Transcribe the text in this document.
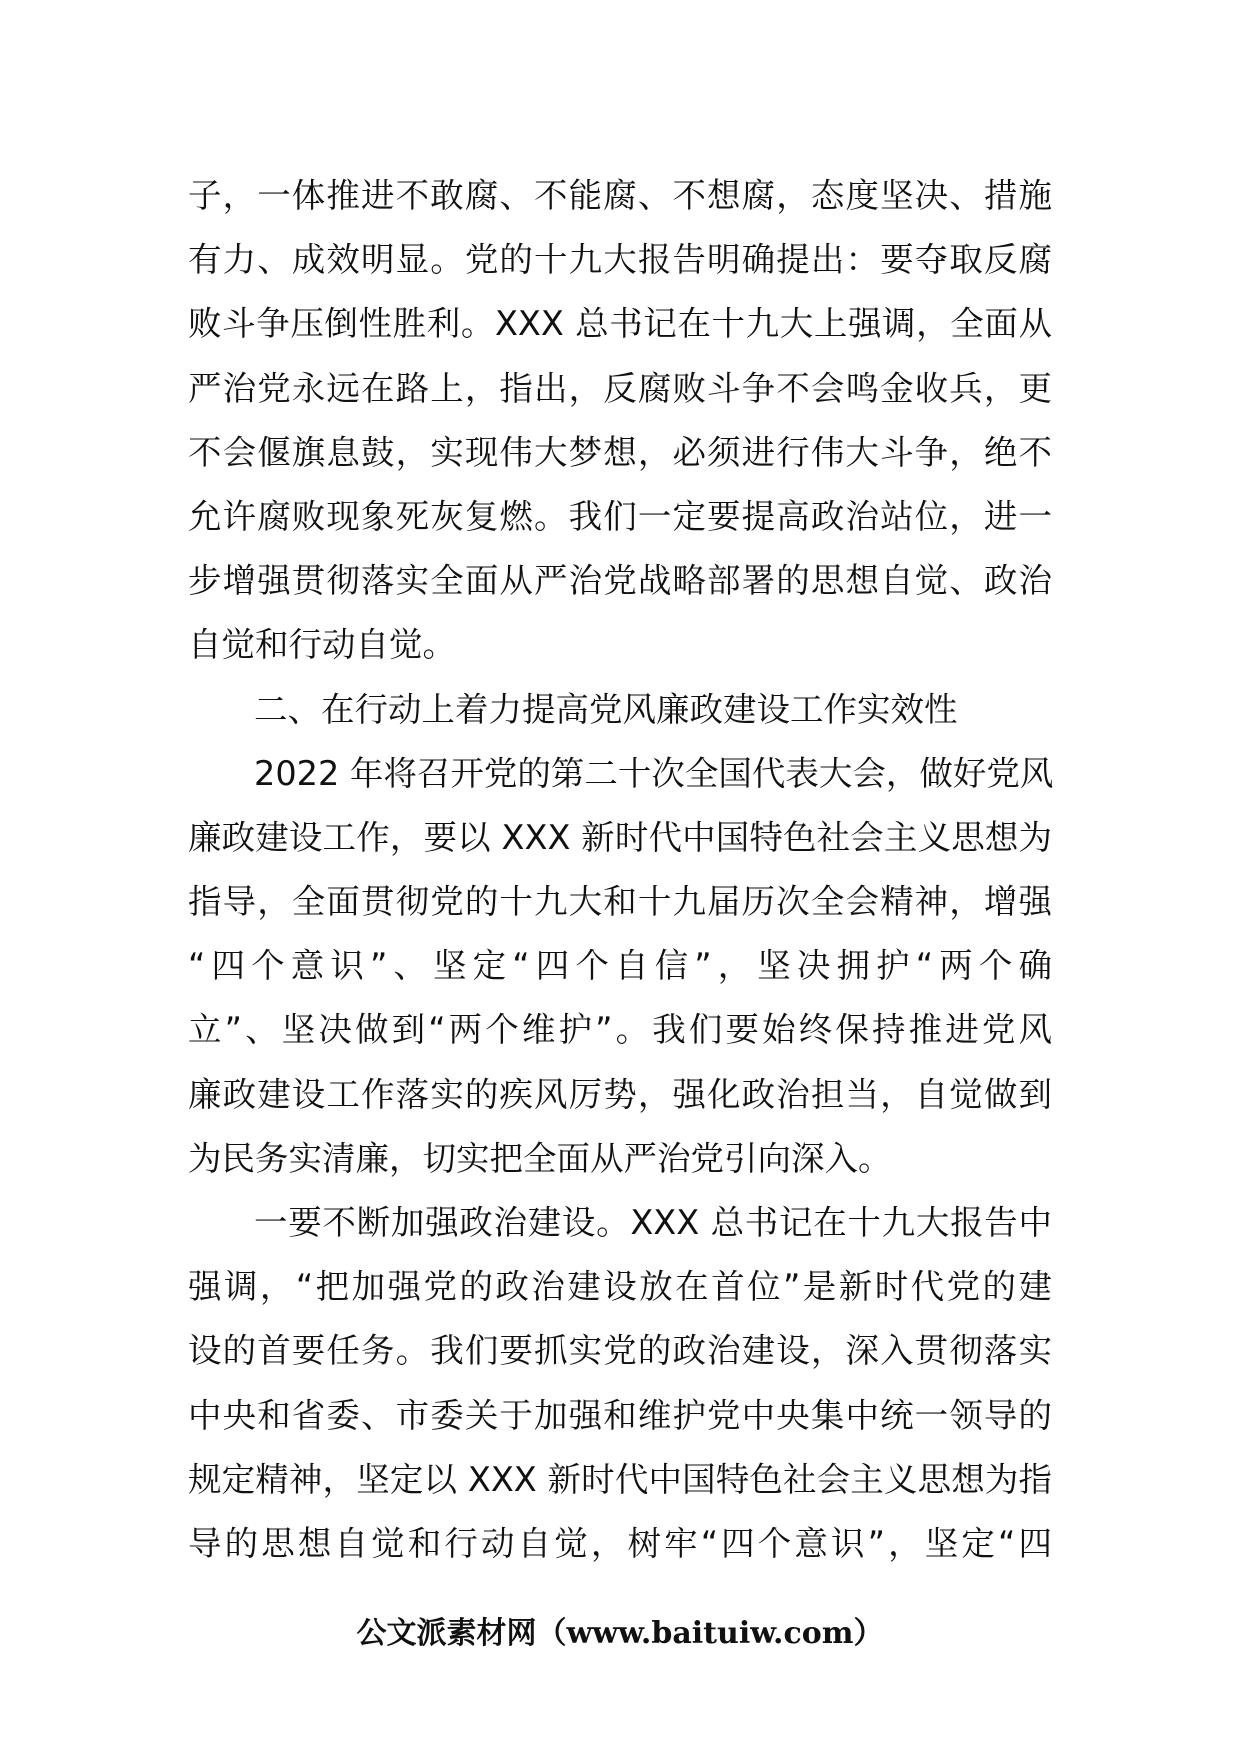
子，一体推进不敢腐、不能腐、不想腐，态度坚决、措施
有力、成效明显。党的十九大报告明确提出：要夺取反腐
败斗争压倒性胜利。XXX 总书记在十九大上强调，全面从
严治党永远在路上，指出，反腐败斗争不会鸣金收兵，更
不会偃旗息鼓，实现伟大梦想，必须进行伟大斗争，绝不
允许腐败现象死灰复燃。我们一定要提高政治站位，进一
步增强贯彻落实全面从严治党战略部署的思想自觉、政治
自觉和行动自觉。
二、在行动上着力提高党风廉政建设工作实效性
2022 年将召开党的第二十次全国代表大会，做好党风
廉政建设工作，要以 XXX 新时代中国特色社会主义思想为
指导，全面贯彻党的十九大和十九届历次全会精神，增强
“四个意识”、坚定“四个自信”，坚决拥护“两个确
立”、坚决做到“两个维护”。我们要始终保持推进党风
廉政建设工作落实的疾风厉势，强化政治担当，自觉做到
为民务实清廉，切实把全面从严治党引向深入。
一要不断加强政治建设。XXX 总书记在十九大报告中
强调，“把加强党的政治建设放在首位”是新时代党的建
设的首要任务。我们要抓实党的政治建设，深入贯彻落实
中央和省委、市委关于加强和维护党中央集中统一领导的
规定精神，坚定以 XXX 新时代中国特色社会主义思想为指
导的思想自觉和行动自觉，树牢“四个意识”，坚定“四
公文派素材网（www.baituiw.com）
